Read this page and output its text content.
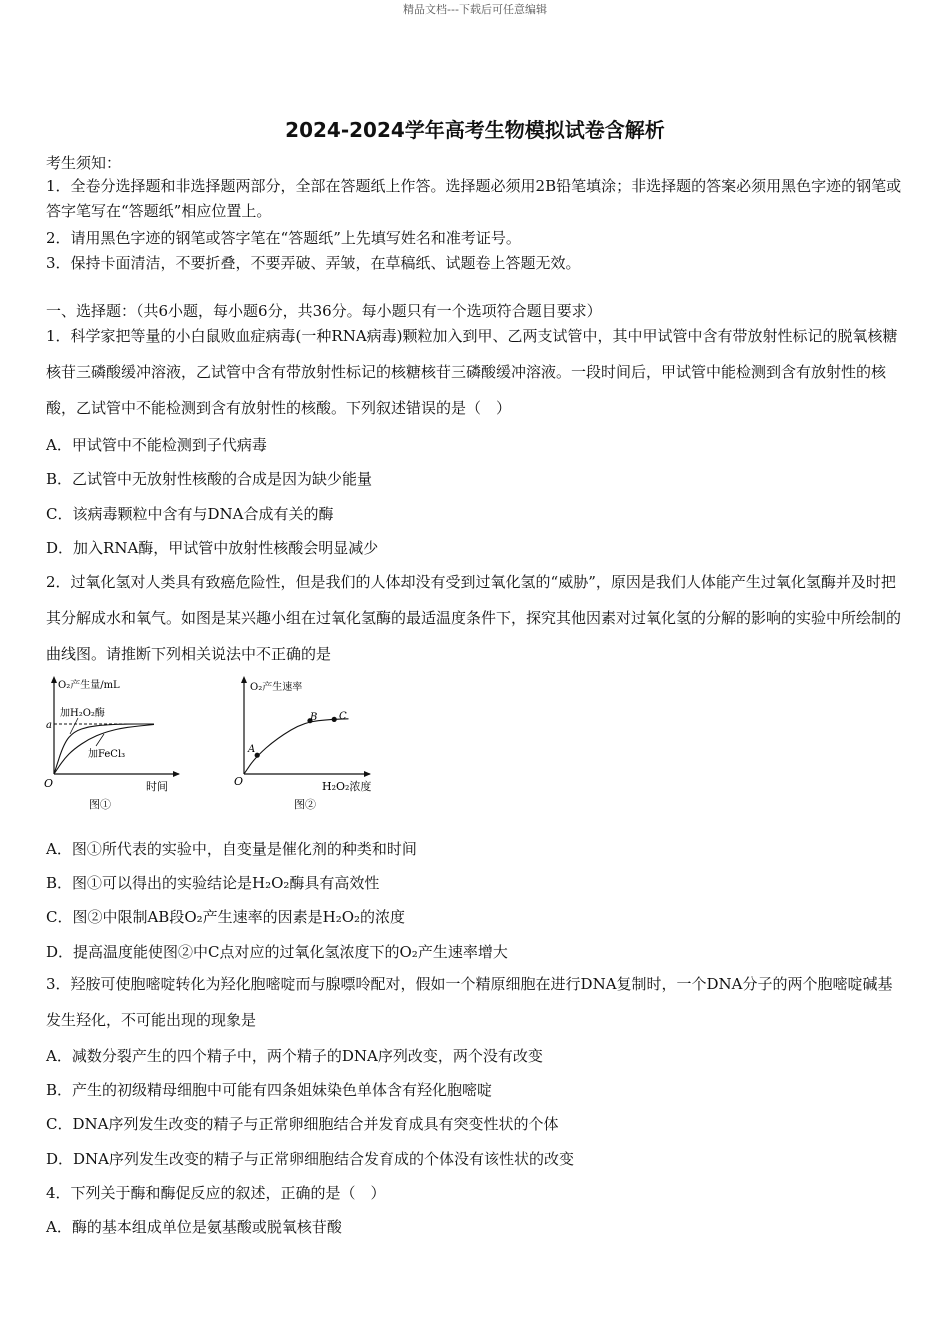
精品文档---下载后可任意编辑
2024-2024学年高考生物模拟试卷含解析
考生须知：
1．全卷分选择题和非选择题两部分，全部在答题纸上作答。选择题必须用2B铅笔填涂；非选择题的答案必须用黑色字迹的钢笔或答字笔写在“答题纸”相应位置上。
2．请用黑色字迹的钢笔或答字笔在“答题纸”上先填写姓名和准考证号。
3．保持卡面清洁，不要折叠，不要弄破、弄皱，在草稿纸、试题卷上答题无效。
一、选择题：（共6小题，每小题6分，共36分。每小题只有一个选项符合题目要求）
1．科学家把等量的小白鼠败血症病毒(一种RNA病毒)颗粒加入到甲、乙两支试管中，其中甲试管中含有带放射性标记的脱氧核糖核苷三磷酸缓冲溶液，乙试管中含有带放射性标记的核糖核苷三磷酸缓冲溶液。一段时间后，甲试管中能检测到含有放射性的核酸，乙试管中不能检测到含有放射性的核酸。下列叙述错误的是（　）
A．甲试管中不能检测到子代病毒
B．乙试管中无放射性核酸的合成是因为缺少能量
C．该病毒颗粒中含有与DNA合成有关的酶
D．加入RNA酶，甲试管中放射性核酸会明显减少
2．过氧化氢对人类具有致癌危险性，但是我们的人体却没有受到过氧化氢的“威胁”，原因是我们人体能产生过氧化氢酶并及时把其分解成水和氧气。如图是某兴趣小组在过氧化氢酶的最适温度条件下，探究其他因素对过氧化氢的分解的影响的实验中所绘制的曲线图。请推断下列相关说法中不正确的是
O₂产生量/mL
加H₂O₂酶
加FeCl₃
a
O	时间
图①
A
B C
O₂产生速率
O	H₂O₂浓度
图②
A．图①所代表的实验中，自变量是催化剂的种类和时间
B．图①可以得出的实验结论是H₂O₂酶具有高效性
C．图②中限制AB段O₂产生速率的因素是H₂O₂的浓度
D．提高温度能使图②中C点对应的过氧化氢浓度下的O₂产生速率增大
3．羟胺可使胞嘧啶转化为羟化胞嘧啶而与腺嘌呤配对，假如一个精原细胞在进行DNA复制时，一个DNA分子的两个胞嘧啶碱基发生羟化，不可能出现的现象是
A．减数分裂产生的四个精子中，两个精子的DNA序列改变，两个没有改变
B．产生的初级精母细胞中可能有四条姐妹染色单体含有羟化胞嘧啶
C．DNA序列发生改变的精子与正常卵细胞结合并发育成具有突变性状的个体
D．DNA序列发生改变的精子与正常卵细胞结合发育成的个体没有该性状的改变
4．下列关于酶和酶促反应的叙述，正确的是（　）
A．酶的基本组成单位是氨基酸或脱氧核苷酸
